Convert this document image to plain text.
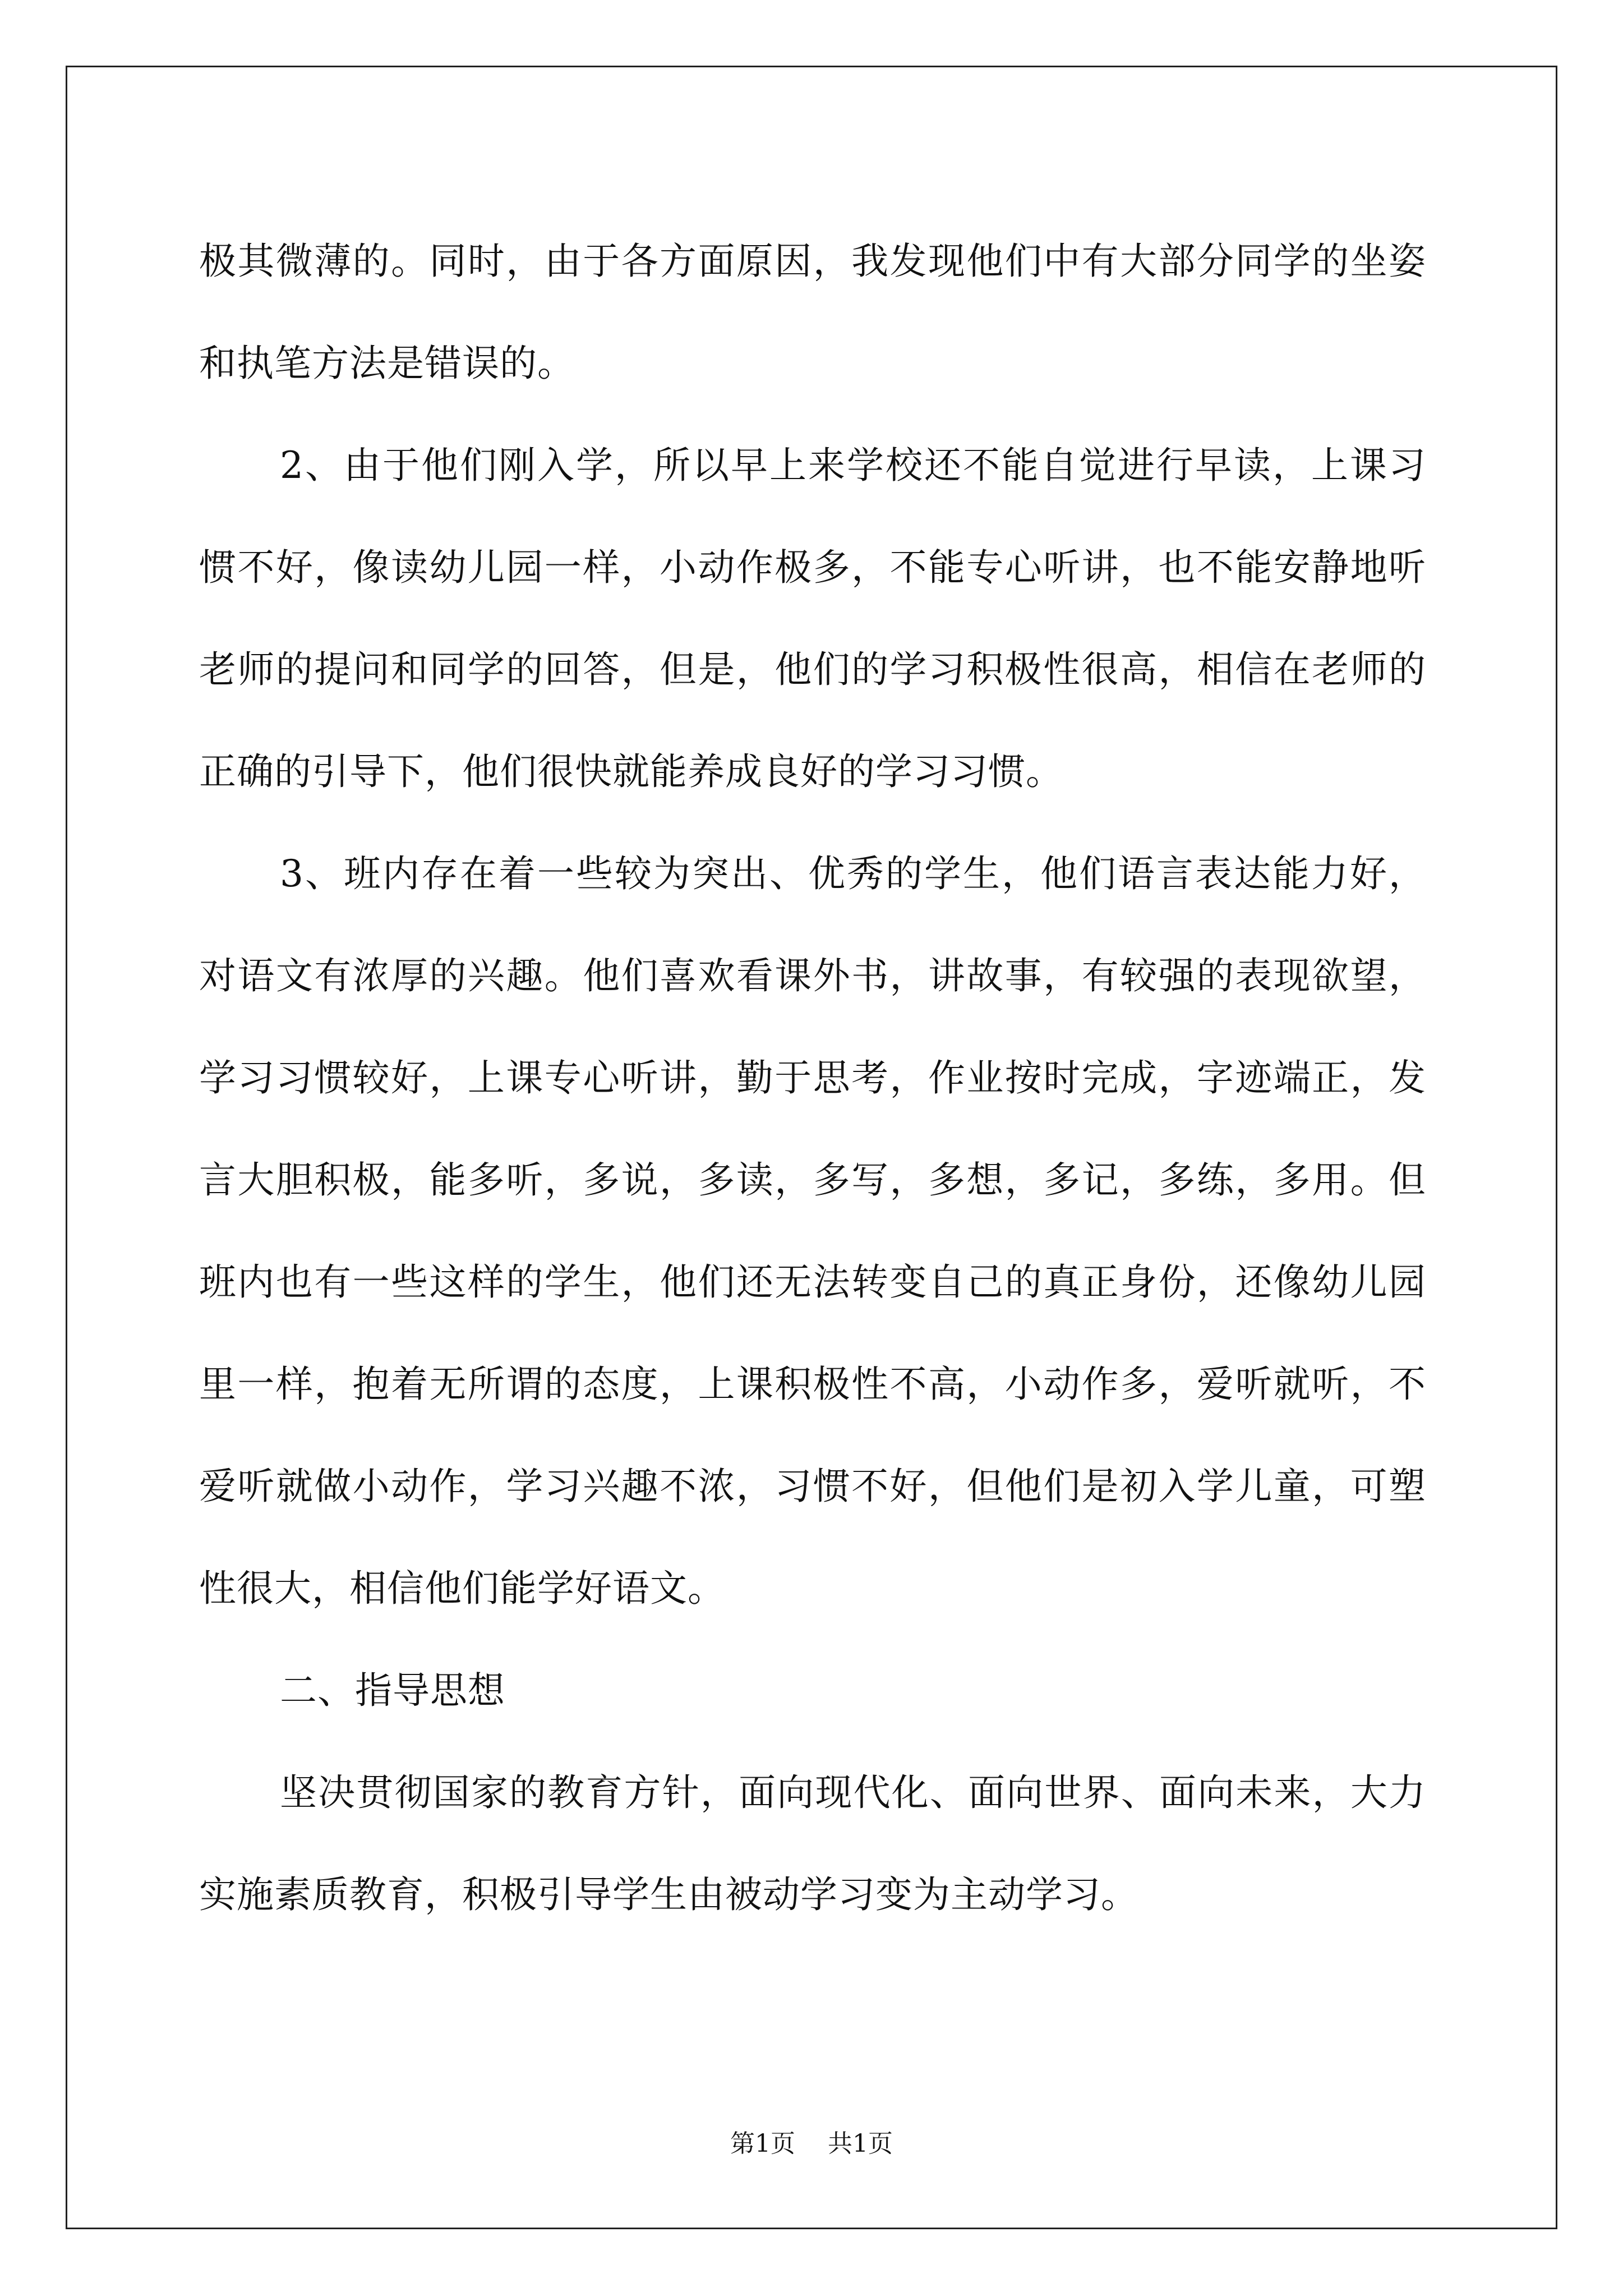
极其微薄的。同时，由于各方面原因，我发现他们中有大部分同学的坐姿和执笔方法是错误的。

2、由于他们刚入学，所以早上来学校还不能自觉进行早读，上课习惯不好，像读幼儿园一样，小动作极多，不能专心听讲，也不能安静地听老师的提问和同学的回答，但是，他们的学习积极性很高，相信在老师的正确的引导下，他们很快就能养成良好的学习习惯。

3、班内存在着一些较为突出、优秀的学生，他们语言表达能力好，对语文有浓厚的兴趣。他们喜欢看课外书，讲故事，有较强的表现欲望，学习习惯较好，上课专心听讲，勤于思考，作业按时完成，字迹端正，发言大胆积极，能多听，多说，多读，多写，多想，多记，多练，多用。但班内也有一些这样的学生，他们还无法转变自己的真正身份，还像幼儿园里一样，抱着无所谓的态度，上课积极性不高，小动作多，爱听就听，不爱听就做小动作，学习兴趣不浓，习惯不好，但他们是初入学儿童，可塑性很大，相信他们能学好语文。

二、指导思想

坚决贯彻国家的教育方针，面向现代化、面向世界、面向未来，大力实施素质教育，积极引导学生由被动学习变为主动学习。

第1页 共1页
